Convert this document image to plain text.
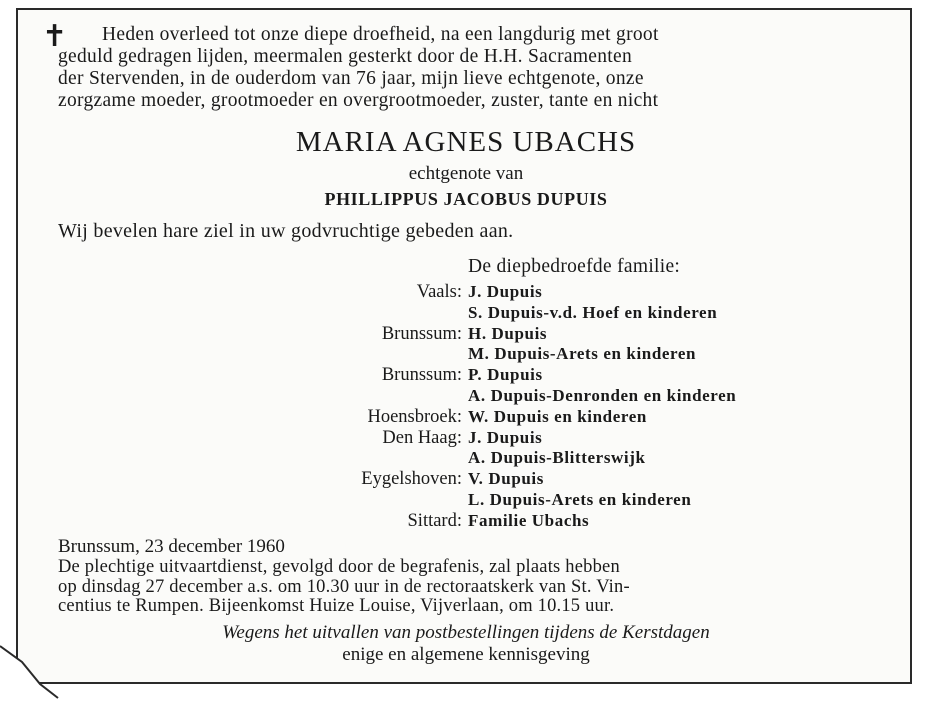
✝	Heden overleed tot onze diepe droefheid, na een langdurig met groot
geduld gedragen lijden, meermalen gesterkt door de H.H. Sacramenten
der Stervenden, in de ouderdom van 76 jaar, mijn lieve echtgenote, onze
zorgzame moeder, grootmoeder en overgrootmoeder, zuster, tante en nicht
MARIA AGNES UBACHS
echtgenote van
PHILLIPPUS JACOBUS DUPUIS
Wij bevelen hare ziel in uw godvruchtige gebeden aan.
De diepbedroefde familie:
Vaals: J. Dupuis
S. Dupuis-v.d. Hoef en kinderen
Brunssum: H. Dupuis
M. Dupuis-Arets en kinderen
Brunssum: P. Dupuis
A. Dupuis-Denronden en kinderen
Hoensbroek: W. Dupuis en kinderen
Den Haag: J. Dupuis
A. Dupuis-Blitterswijk
Eygelshoven: V. Dupuis
L. Dupuis-Arets en kinderen
Sittard: Familie Ubachs
Brunssum, 23 december 1960
De plechtige uitvaartdienst, gevolgd door de begrafenis, zal plaats hebben
op dinsdag 27 december a.s. om 10.30 uur in de rectoraatskerk van St. Vin-
centius te Rumpen. Bijeenkomst Huize Louise, Vijverlaan, om 10.15 uur.
Wegens het uitvallen van postbestellingen tijdens de Kerstdagen
enige en algemene kennisgeving
